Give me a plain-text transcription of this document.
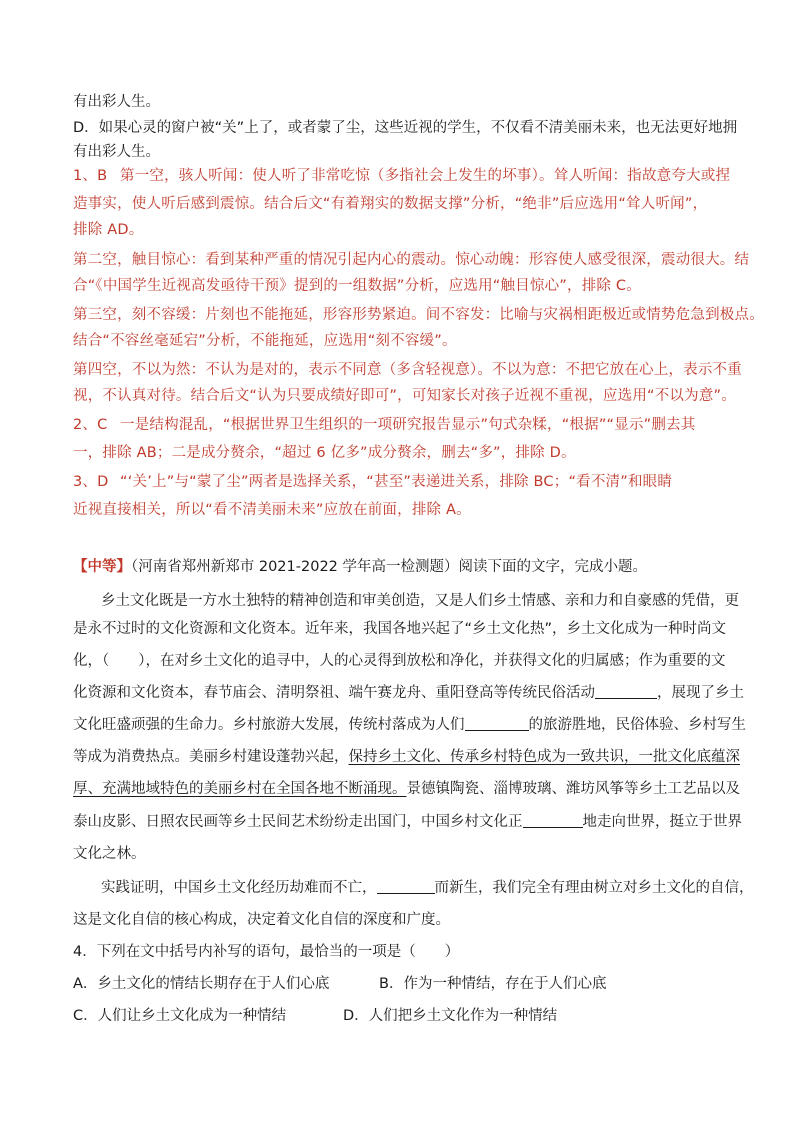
有出彩人生。
D．如果心灵的窗户被“关”上了，或者蒙了尘，这些近视的学生，不仅看不清美丽未来，也无法更好地拥
有出彩人生。
1、B 第一空，骇人听闻：使人听了非常吃惊（多指社会上发生的坏事）。耸人听闻：指故意夸大或捏
造事实，使人听后感到震惊。结合后文“有着翔实的数据支撑”分析，“绝非”后应选用“耸人听闻”，
排除 AD。
第二空，触目惊心：看到某种严重的情况引起内心的震动。惊心动魄：形容使人感受很深，震动很大。结
合“《中国学生近视高发亟待干预》提到的一组数据”分析，应选用“触目惊心”，排除 C。
第三空，刻不容缓：片刻也不能拖延，形容形势紧迫。间不容发：比喻与灾祸相距极近或情势危急到极点。
结合“不容丝毫延宕”分析，不能拖延，应选用“刻不容缓”。
第四空，不以为然：不认为是对的，表示不同意（多含轻视意）。不以为意：不把它放在心上，表示不重
视，不认真对待。结合后文“认为只要成绩好即可”，可知家长对孩子近视不重视，应选用“不以为意”。
2、C 一是结构混乱，“根据世界卫生组织的一项研究报告显示”句式杂糅，“根据”“显示”删去其
一，排除 AB；二是成分赘余，“超过 6 亿多”成分赘余，删去“多”，排除 D。
3、D “‘关’上”与“蒙了尘”两者是选择关系，“甚至”表递进关系，排除 BC；“看不清”和眼睛
近视直接相关，所以“看不清美丽未来”应放在前面，排除 A。
【中等】（河南省郑州新郑市 2021-2022 学年高一检测题）阅读下面的文字，完成小题。
乡土文化既是一方水土独特的精神创造和审美创造，又是人们乡土情感、亲和力和自豪感的凭借，更
是永不过时的文化资源和文化资本。近年来，我国各地兴起了“乡土文化热”，乡土文化成为一种时尚文
化，（　　），在对乡土文化的追寻中，人的心灵得到放松和净化，并获得文化的归属感；作为重要的文
化资源和文化资本，春节庙会、清明祭祖、端午赛龙舟、重阳登高等传统民俗活动	，展现了乡土
文化旺盛顽强的生命力。乡村旅游大发展，传统村落成为人们	的旅游胜地，民俗体验、乡村写生
等成为消费热点。美丽乡村建设蓬勃兴起，保持乡土文化、传承乡村特色成为一致共识，一批文化底蕴深
厚、充满地域特色的美丽乡村在全国各地不断涌现。景德镇陶瓷、淄博玻璃、潍坊风筝等乡土工艺品以及
泰山皮影、日照农民画等乡土民间艺术纷纷走出国门，中国乡村文化正	地走向世界，挺立于世界
文化之林。
实践证明，中国乡土文化经历劫难而不亡，	而新生，我们完全有理由树立对乡土文化的自信，
这是文化自信的核心构成，决定着文化自信的深度和广度。
4．下列在文中括号内补写的语句，最恰当的一项是（　　）
A．乡土文化的情结长期存在于人们心底	B．作为一种情结，存在于人们心底
C．人们让乡土文化成为一种情结	D．人们把乡土文化作为一种情结
